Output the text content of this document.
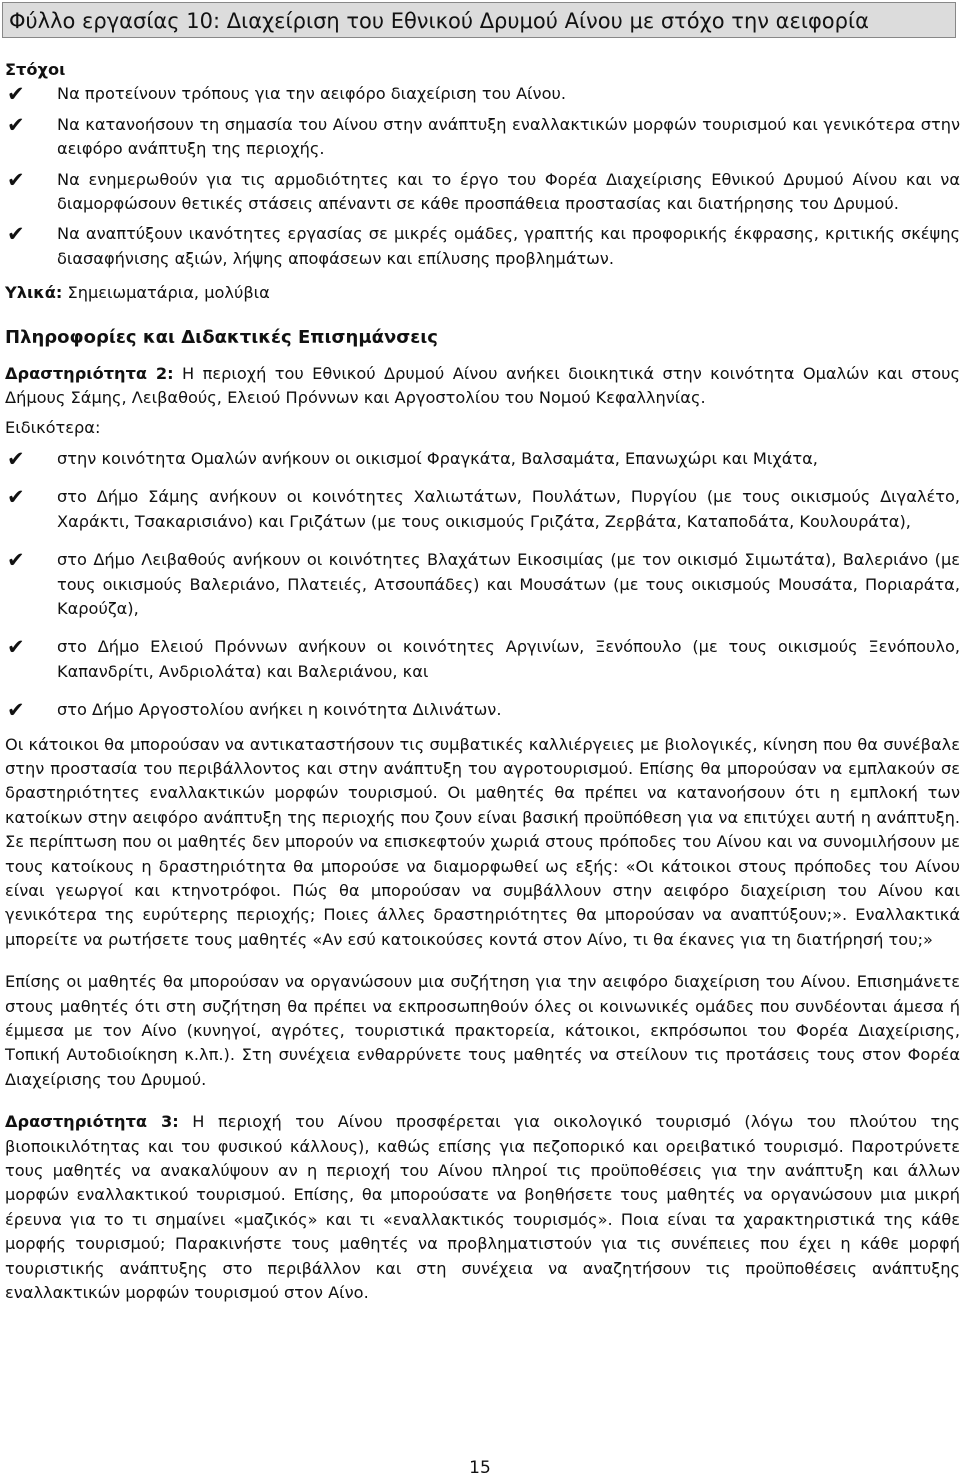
Φύλλο εργασίας 10: Διαχείριση του Εθνικού Δρυμού Αίνου με στόχο την αειφορία
Στόχοι
✔	Να προτείνουν τρόπους για την αειφόρο διαχείριση του Αίνου.
✔	Να κατανοήσουν τη σημασία του Αίνου στην ανάπτυξη εναλλακτικών μορφών τουρισμού και γενικότερα στην αειφόρο ανάπτυξη της περιοχής.
✔	Να ενημερωθούν για τις αρμοδιότητες και το έργο του Φορέα Διαχείρισης Εθνικού Δρυμού Αίνου και να διαμορφώσουν θετικές στάσεις απέναντι σε κάθε προσπάθεια προστασίας και διατήρησης του Δρυμού.
✔	Να αναπτύξουν ικανότητες εργασίας σε μικρές ομάδες, γραπτής και προφορικής έκφρασης, κριτικής σκέψης διασαφήνισης αξιών, λήψης αποφάσεων και επίλυσης προβλημάτων.

Υλικά: Σημειωματάρια, μολύβια

Πληροφορίες και Διδακτικές Επισημάνσεις

Δραστηριότητα 2: Η περιοχή του Εθνικού Δρυμού Αίνου ανήκει διοικητικά στην κοινότητα Ομαλών και στους Δήμους Σάμης, Λειβαθούς, Ελειού Πρόννων και Αργοστολίου του Νομού Κεφαλληνίας.

Ειδικότερα:

✔	στην κοινότητα Ομαλών ανήκουν οι οικισμοί Φραγκάτα, Βαλσαμάτα, Επανωχώρι και Μιχάτα,
✔	στο Δήμο Σάμης ανήκουν οι κοινότητες Χαλιωτάτων, Πουλάτων, Πυργίου (με τους οικισμούς Διγαλέτο, Χαράκτι, Τσακαρισιάνο) και Γριζάτων (με τους οικισμούς Γριζάτα, Ζερβάτα, Καταποδάτα, Κουλουράτα),
✔	στο Δήμο Λειβαθούς ανήκουν οι κοινότητες Βλαχάτων Εικοσιμίας (με τον οικισμό Σιμωτάτα), Βαλεριάνο (με τους οικισμούς Βαλεριάνο, Πλατειές, Ατσουπάδες) και Μουσάτων (με τους οικισμούς Μουσάτα, Πoριαράτα, Καρούζα),
✔	στο Δήμο Ελειού Πρόννων ανήκουν οι κοινότητες Αργινίων, Ξενόπουλο (με τους οικισμούς Ξενόπουλο, Καπανδρίτι, Ανδριολάτα) και Βαλεριάνου, και
✔	στο Δήμο Αργοστολίου ανήκει η κοινότητα Διλινάτων.

Οι κάτοικοι θα μπορούσαν να αντικαταστήσουν τις συμβατικές καλλιέργειες με βιολογικές, κίνηση που θα συνέβαλε στην προστασία του περιβάλλοντος και στην ανάπτυξη του αγροτουρισμού. Επίσης θα μπορούσαν να εμπλακούν σε δραστηριότητες εναλλακτικών μορφών τουρισμού. Οι μαθητές θα πρέπει να κατανοήσουν ότι η εμπλοκή των κατοίκων στην αειφόρο ανάπτυξη της περιοχής που ζουν είναι βασική προϋπόθεση για να επιτύχει αυτή η ανάπτυξη. Σε περίπτωση που οι μαθητές δεν μπορούν να επισκεφτούν χωριά στους πρόποδες του Αίνου και να συνομιλήσουν με τους κατοίκους η δραστηριότητα θα μπορούσε να διαμορφωθεί ως εξής: «Οι κάτοικοι στους πρόποδες του Αίνου είναι γεωργοί και κτηνοτρόφοι. Πώς θα μπορούσαν να συμβάλλουν στην αειφόρο διαχείριση του Αίνου και γενικότερα της ευρύτερης περιοχής; Ποιες άλλες δραστηριότητες θα μπορούσαν να αναπτύξουν;». Εναλλακτικά μπορείτε να ρωτήσετε τους μαθητές «Αν εσύ κατοικούσες κοντά στον Αίνο, τι θα έκανες για τη διατήρησή του;»

Επίσης οι μαθητές θα μπορούσαν να οργανώσουν μια συζήτηση για την αειφόρο διαχείριση του Αίνου. Επισημάνετε στους μαθητές ότι στη συζήτηση θα πρέπει να εκπροσωπηθούν όλες οι κοινωνικές ομάδες που συνδέονται άμεσα ή έμμεσα με τον Αίνο (κυνηγοί, αγρότες, τουριστικά πρακτορεία, κάτοικοι, εκπρόσωποι του Φορέα Διαχείρισης, Τοπική Αυτοδιοίκηση κ.λπ.). Στη συνέχεια ενθαρρύνετε τους μαθητές να στείλουν τις προτάσεις τους στον Φορέα Διαχείρισης του Δρυμού.

Δραστηριότητα 3: Η περιοχή του Αίνου προσφέρεται για οικολογικό τουρισμό (λόγω του πλούτου της βιοποικιλότητας και του φυσικού κάλλους), καθώς επίσης για πεζοπορικό και ορειβατικό τουρισμό. Παροτρύνετε τους μαθητές να ανακαλύψουν αν η περιοχή του Αίνου πληροί τις προϋποθέσεις για την ανάπτυξη και άλλων μορφών εναλλακτικού τουρισμού. Επίσης, θα μπορούσατε να βοηθήσετε τους μαθητές να οργανώσουν μια μικρή έρευνα για το τι σημαίνει «μαζικός» και τι «εναλλακτικός τουρισμός». Ποια είναι τα χαρακτηριστικά της κάθε μορφής τουρισμού; Παρακινήστε τους μαθητές να προβληματιστούν για τις συνέπειες που έχει η κάθε μορφή τουριστικής ανάπτυξης στο περιβάλλον και στη συνέχεια να αναζητήσουν τις προϋποθέσεις ανάπτυξης εναλλακτικών μορφών τουρισμού στον Αίνο.

15
